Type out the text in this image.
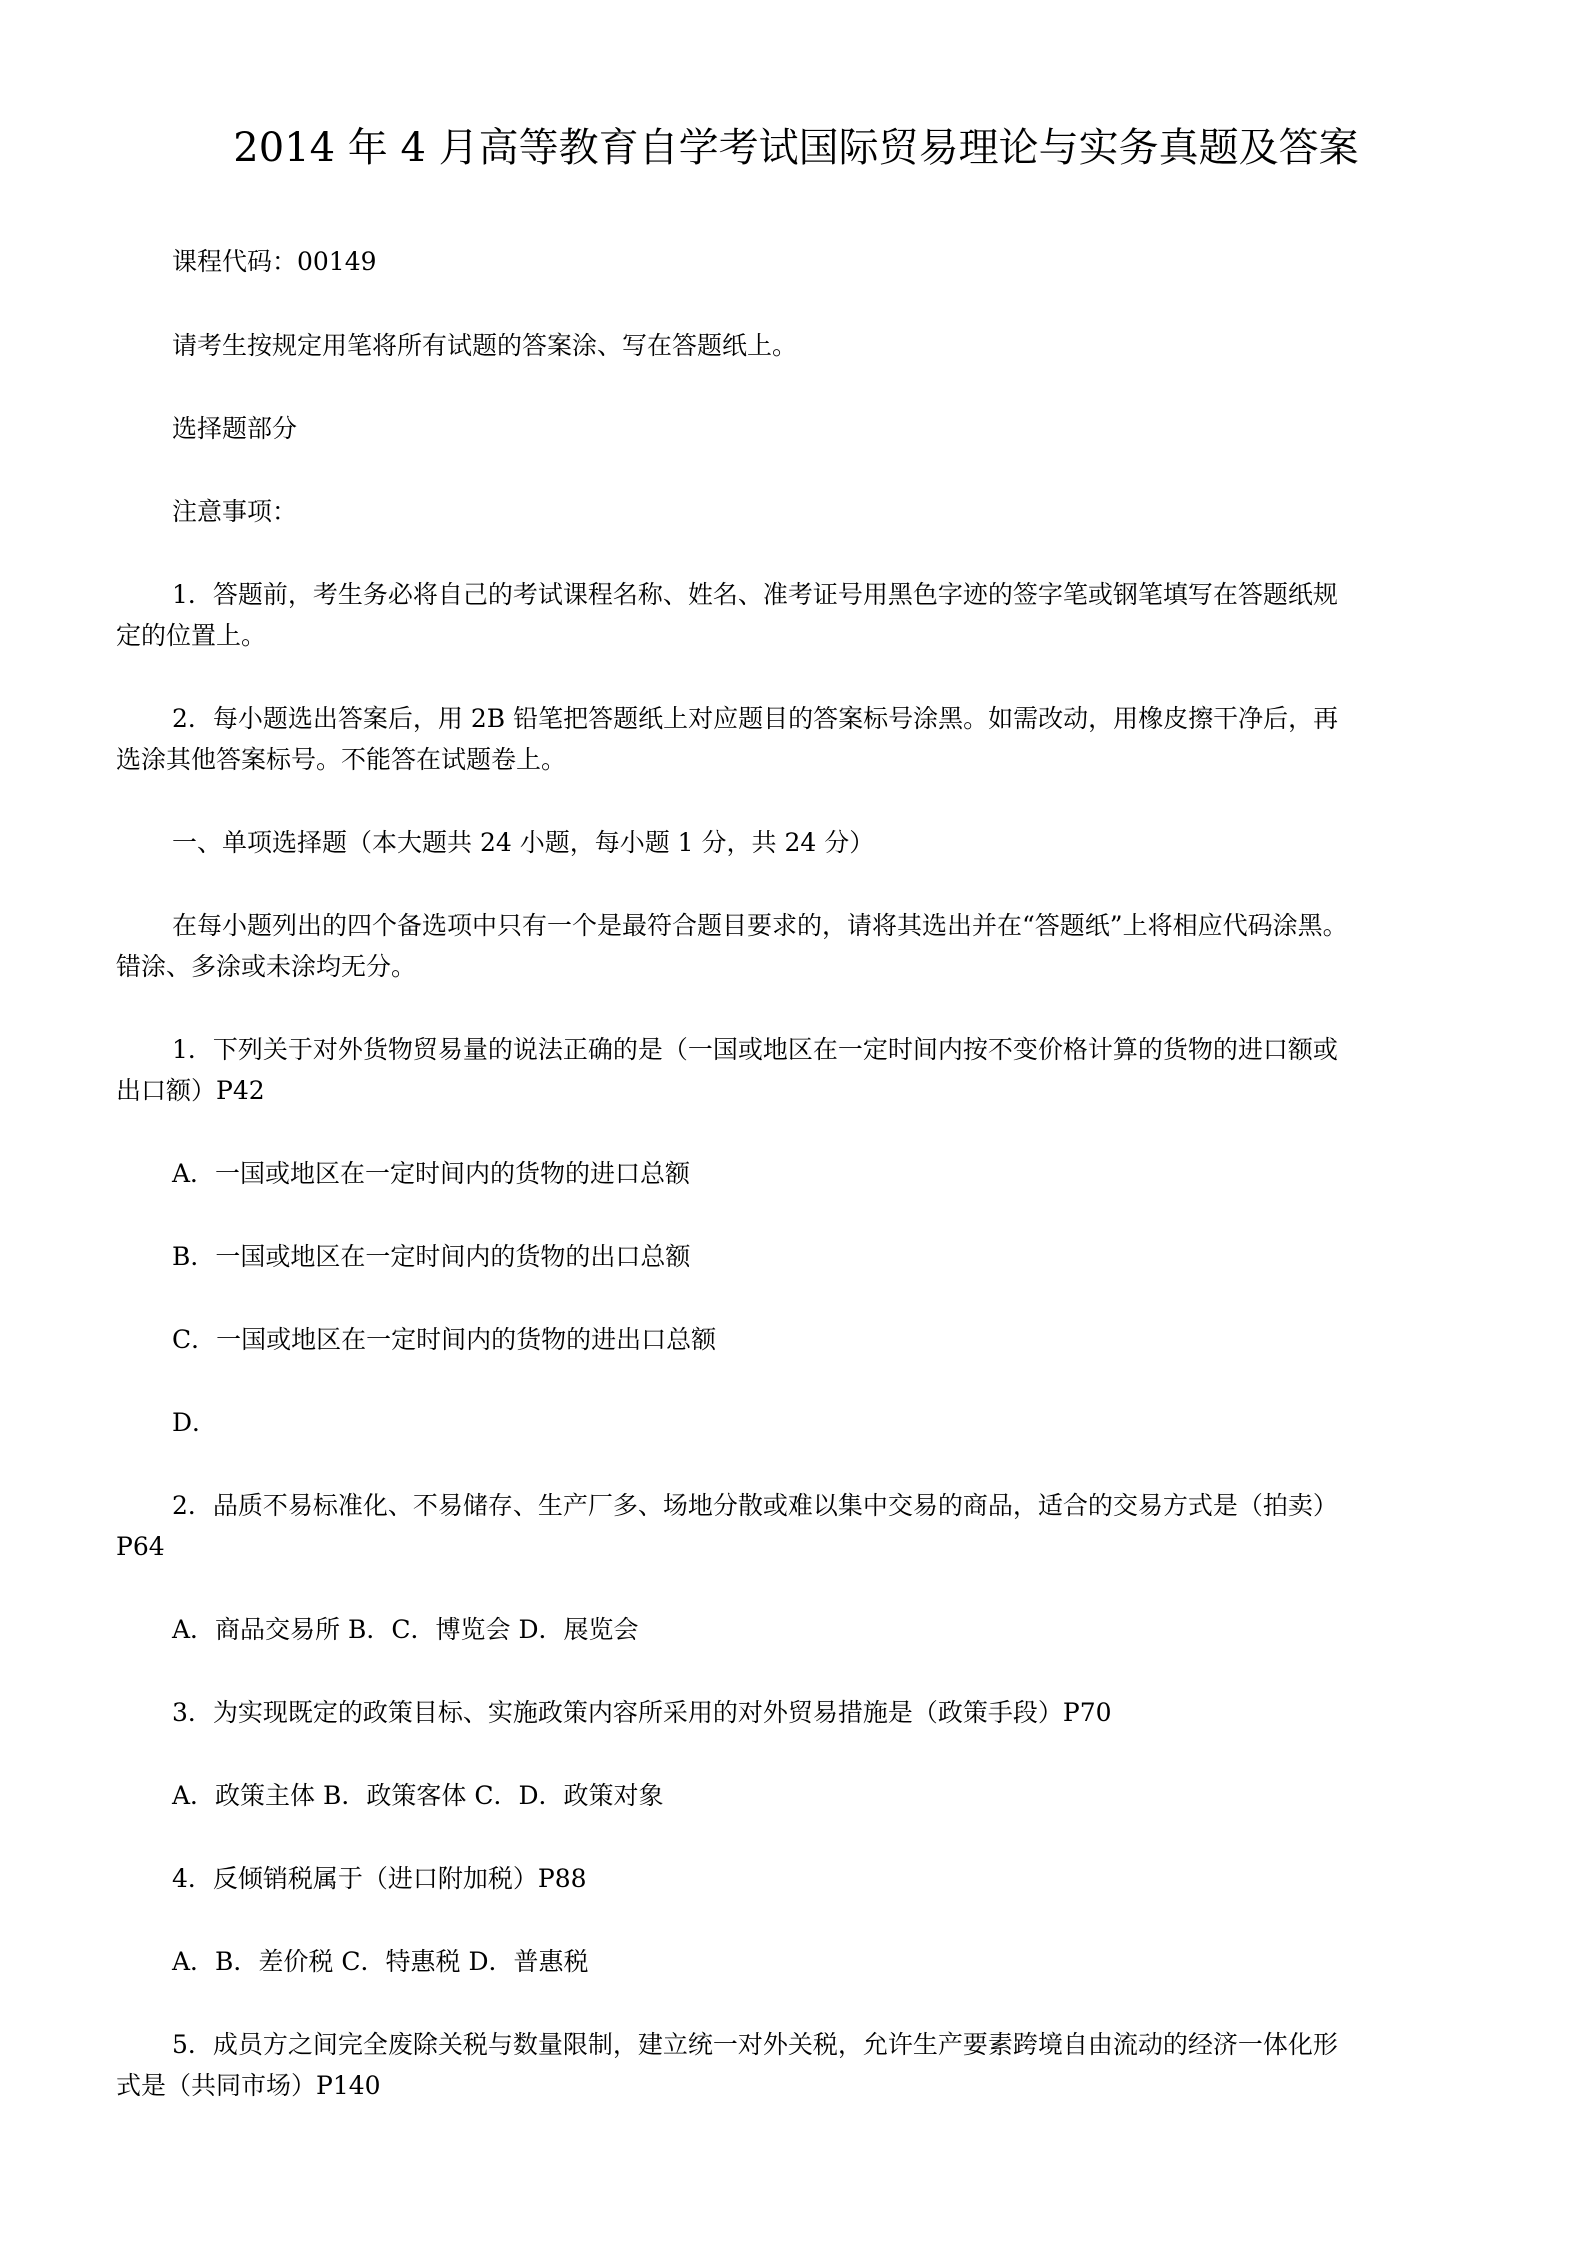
2014 年 4 月高等教育自学考试国际贸易理论与实务真题及答案

课程代码：00149

请考生按规定用笔将所有试题的答案涂、写在答题纸上。

选择题部分

注意事项：

1．答题前，考生务必将自己的考试课程名称、姓名、准考证号用黑色字迹的签字笔或钢笔填写在答题纸规

定的位置上。

2．每小题选出答案后，用 2B 铅笔把答题纸上对应题目的答案标号涂黑。如需改动，用橡皮擦干净后，再

选涂其他答案标号。不能答在试题卷上。

一、单项选择题（本大题共 24 小题，每小题 1 分，共 24 分）

在每小题列出的四个备选项中只有一个是最符合题目要求的，请将其选出并在“答题纸”上将相应代码涂黑。

错涂、多涂或未涂均无分。

1．下列关于对外货物贸易量的说法正确的是（一国或地区在一定时间内按不变价格计算的货物的进口额或

出口额）P42

A．一国或地区在一定时间内的货物的进口总额

B．一国或地区在一定时间内的货物的出口总额

C．一国或地区在一定时间内的货物的进出口总额

D．

2．品质不易标准化、不易储存、生产厂多、场地分散或难以集中交易的商品，适合的交易方式是（拍卖）

P64

A．商品交易所 B．C．博览会 D．展览会

3．为实现既定的政策目标、实施政策内容所采用的对外贸易措施是（政策手段）P70

A．政策主体 B．政策客体 C．D．政策对象

4．反倾销税属于（进口附加税）P88

A．B．差价税 C．特惠税 D．普惠税

5．成员方之间完全废除关税与数量限制，建立统一对外关税，允许生产要素跨境自由流动的经济一体化形

式是（共同市场）P140
